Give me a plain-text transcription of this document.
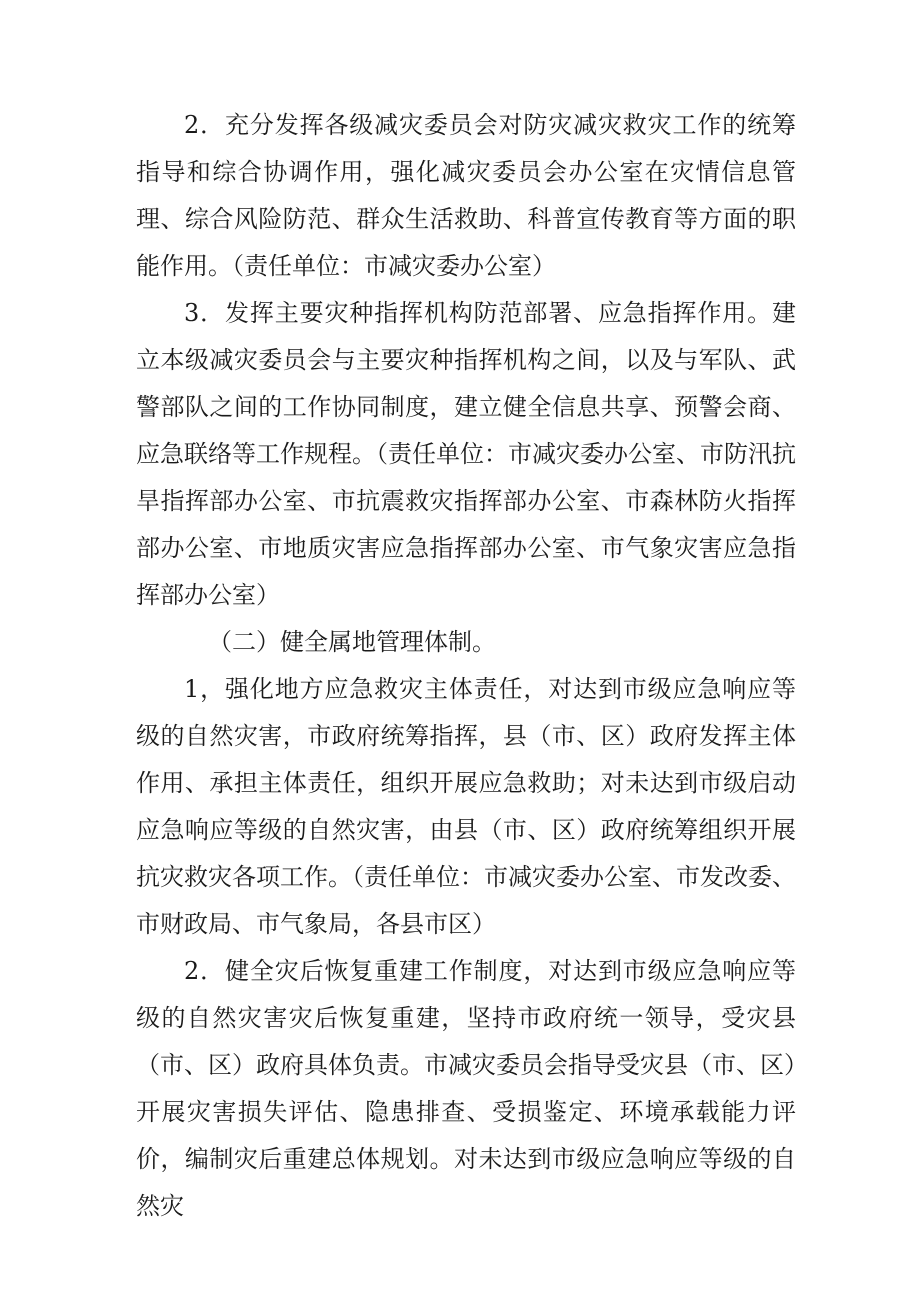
2．充分发挥各级减灾委员会对防灾减灾救灾工作的统筹指导和综合协调作用，强化减灾委员会办公室在灾情信息管理、综合风险防范、群众生活救助、科普宣传教育等方面的职能作用。（责任单位：市减灾委办公室）

3．发挥主要灾种指挥机构防范部署、应急指挥作用。建立本级减灾委员会与主要灾种指挥机构之间，以及与军队、武警部队之间的工作协同制度，建立健全信息共享、预警会商、应急联络等工作规程。（责任单位：市减灾委办公室、市防汛抗旱指挥部办公室、市抗震救灾指挥部办公室、市森林防火指挥部办公室、市地质灾害应急指挥部办公室、市气象灾害应急指挥部办公室）

（二）健全属地管理体制。

1，强化地方应急救灾主体责任，对达到市级应急响应等级的自然灾害，市政府统筹指挥，县（市、区）政府发挥主体作用、承担主体责任，组织开展应急救助；对未达到市级启动应急响应等级的自然灾害，由县（市、区）政府统筹组织开展抗灾救灾各项工作。（责任单位：市减灾委办公室、市发改委、市财政局、市气象局，各县市区）

2．健全灾后恢复重建工作制度，对达到市级应急响应等级的自然灾害灾后恢复重建，坚持市政府统一领导，受灾县（市、区）政府具体负责。市减灾委员会指导受灾县（市、区）开展灾害损失评估、隐患排查、受损鉴定、环境承载能力评价，编制灾后重建总体规划。对未达到市级应急响应等级的自然灾
